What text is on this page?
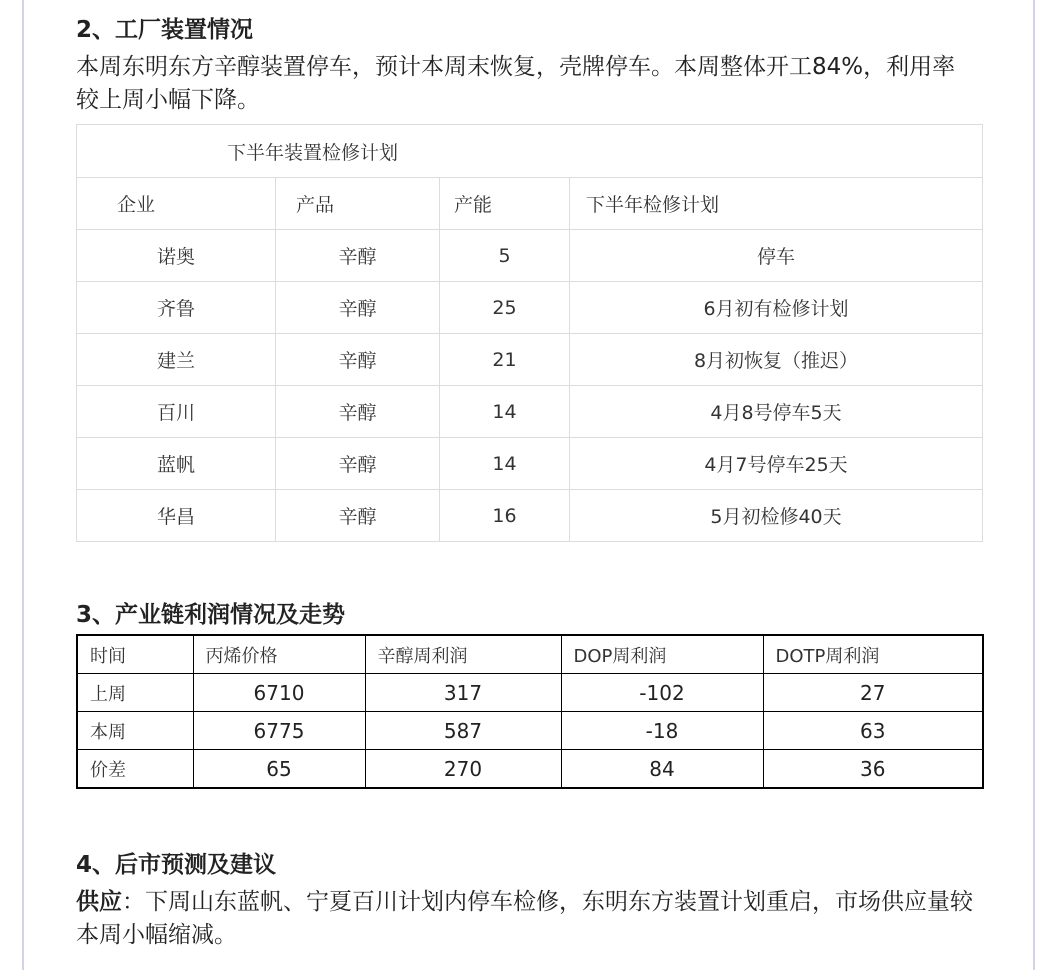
2、工厂装置情况

本周东明东方辛醇装置停车，预计本周末恢复，壳牌停车。本周整体开工84%，利用率较上周小幅下降。

下半年装置检修计划			
企业	产品	产能	下半年检修计划
诺奥	辛醇	5	停车
齐鲁	辛醇	25	6月初有检修计划
建兰	辛醇	21	8月初恢复（推迟）
百川	辛醇	14	4月8号停车5天
蓝帆	辛醇	14	4月7号停车25天
华昌	辛醇	16	5月初检修40天
3、产业链利润情况及走势
时间	丙烯价格	辛醇周利润	DOP周利润	DOTP周利润
上周	6710	317	-102	27
本周	6775	587	-18	63
价差	65	270	84	36
4、后市预测及建议

供应：下周山东蓝帆、宁夏百川计划内停车检修，东明东方装置计划重启，市场供应量较本周小幅缩减。
